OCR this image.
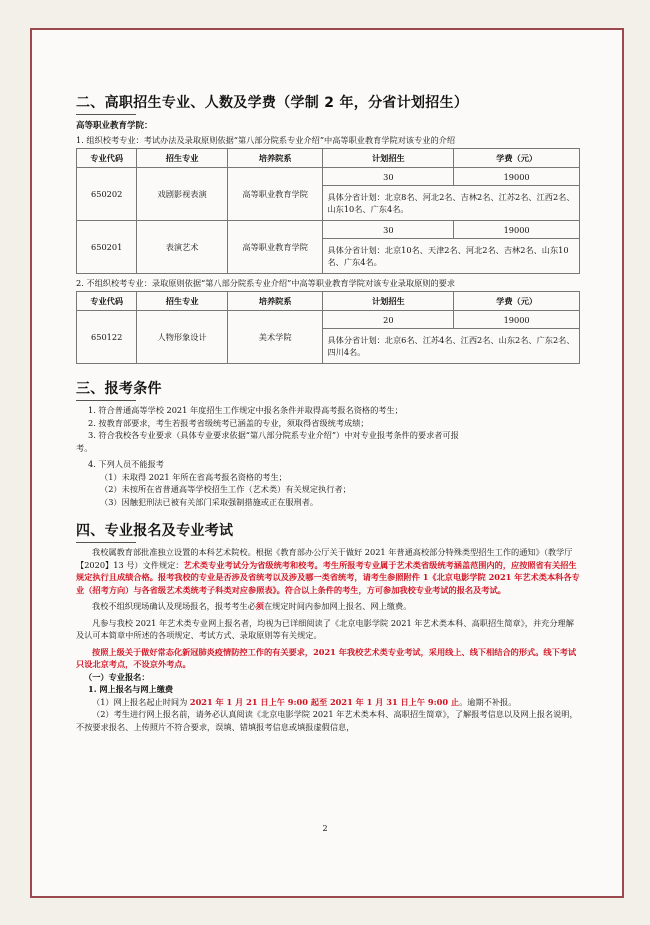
二、高职招生专业、人数及学费（学制 2 年，分省计划招生）
高等职业教育学院：
1. 组织校考专业：考试办法及录取原则依据“第八部分院系专业介绍”中高等职业教育学院对该专业的介绍
专业代码	招生专业	培养院系	计划招生	学费（元）
650202	戏剧影视表演	高等职业教育学院	30	19000
			具体分省计划：北京8名、河北2名、吉林2名、江苏2名、江西2名、山东10名、广东4名。	
650201	表演艺术	高等职业教育学院	30	19000
			具体分省计划：北京10名、天津2名、河北2名、吉林2名、山东10名、广东4名。	
2. 不组织校考专业：录取原则依据“第八部分院系专业介绍”中高等职业教育学院对该专业录取原则的要求
专业代码	招生专业	培养院系	计划招生	学费（元）
650122	人物形象设计	美术学院	20	19000
			具体分省计划：北京6名、江苏4名、江西2名、山东2名、广东2名、四川4名。	
三、报考条件

1. 符合普通高等学校 2021 年度招生工作规定中报名条件并取得高考报名资格的考生；

2. 按教育部要求，考生若报考省级统考已涵盖的专业，须取得省级统考成绩；

3. 符合我校各专业要求（具体专业要求依据“第八部分院系专业介绍”）中对专业报考条件的要求者可报

考。

4. 下列人员不能报考

（1）未取得 2021 年所在省高考报名资格的考生；

（2）未按所在省普通高等学校招生工作（艺术类）有关规定执行者；

（3）因触犯刑法已被有关部门采取强制措施或正在服刑者。

四、专业报名及专业考试

我校属教育部批准独立设置的本科艺术院校。根据《教育部办公厅关于做好 2021 年普通高校部分特殊类型招生工作的通知》（教学厅【2020】13 号）文件规定：艺术类专业考试分为省级统考和校考。考生所报考专业属于艺术类省级统考涵盖范围内的，应按照省有关招生规定执行且成绩合格。报考我校的专业是否涉及省统考以及涉及哪一类省统考，请考生参照附件 1《北京电影学院 2021 年艺术类本科各专业（招考方向）与各省级艺术类统考子科类对应参照表》。符合以上条件的考生，方可参加我校专业考试的报名及考试。

我校不组织现场确认及现场报名，报考考生必须在规定时间内参加网上报名、网上缴费。

凡参与我校 2021 年艺术类专业网上报名者，均视为已详细阅读了《北京电影学院 2021 年艺术类本科、高职招生简章》，并充分理解及认可本简章中所述的各项规定、考试方式、录取原则等有关规定。

按照上级关于做好常态化新冠肺炎疫情防控工作的有关要求，2021 年我校艺术类专业考试，采用线上、线下相结合的形式。线下考试只设北京考点，不设京外考点。

（一）专业报名：

1. 网上报名与网上缴费

（1）网上报名起止时间为 2021 年 1 月 21 日上午 9:00 起至 2021 年 1 月 31 日上午 9:00 止。逾期不补报。

（2）考生进行网上报名前，请务必认真阅读《北京电影学院 2021 年艺术类本科、高职招生简章》，了解报考信息以及网上报名说明，不按要求报名、上传照片不符合要求，误填、错填报考信息或填报虚假信息，

2
